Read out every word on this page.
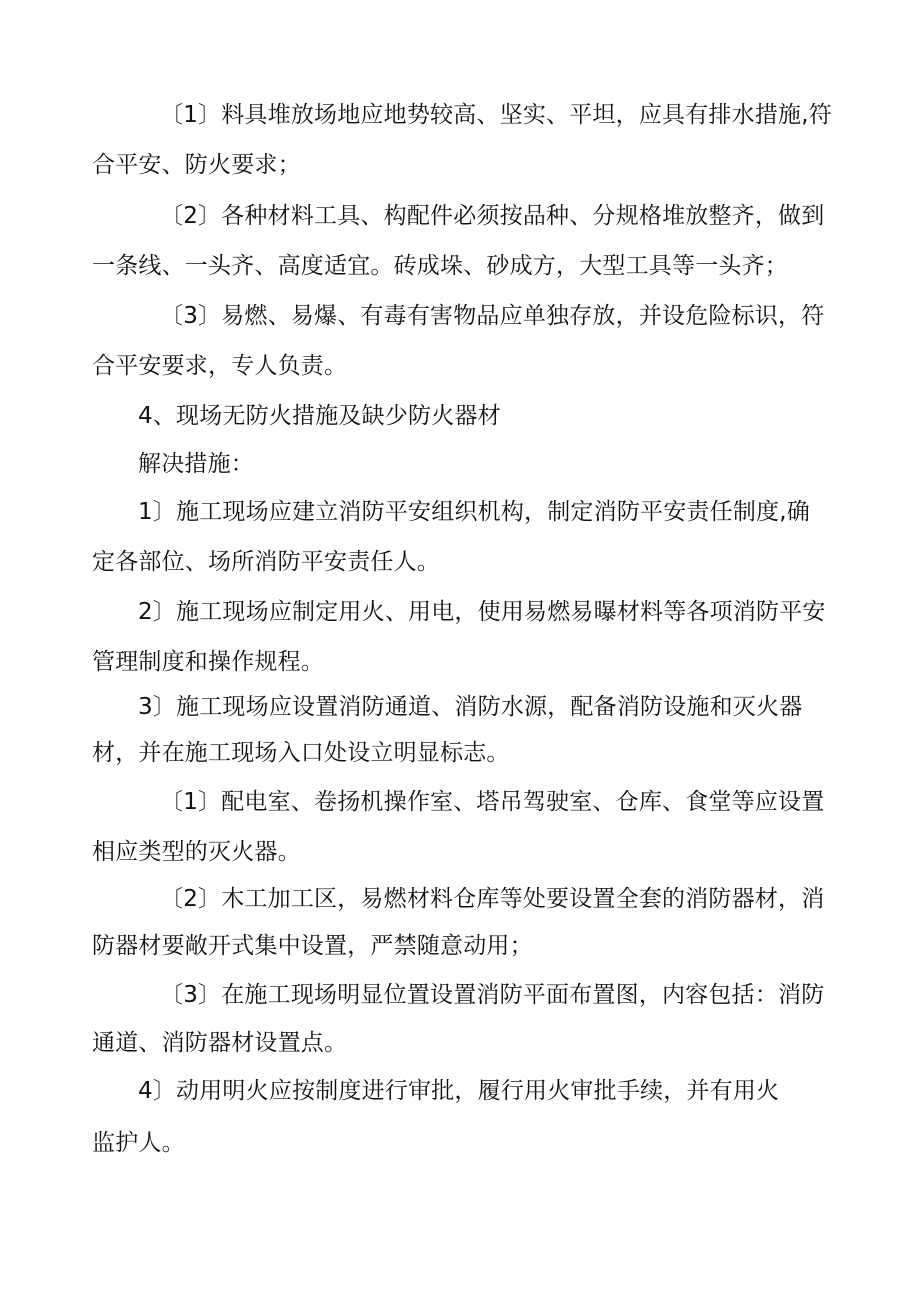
〔1〕料具堆放场地应地势较高、坚实、平坦，应具有排水措施,符
合平安、防火要求；
〔2〕各种材料工具、构配件必须按品种、分规格堆放整齐，做到
一条线、一头齐、高度适宜。砖成垛、砂成方，大型工具等一头齐；
〔3〕易燃、易爆、有毒有害物品应单独存放，并设危险标识，符
合平安要求，专人负责。
4、现场无防火措施及缺少防火器材
解决措施：
1〕施工现场应建立消防平安组织机构，制定消防平安责任制度,确
定各部位、场所消防平安责任人。
2〕施工现场应制定用火、用电，使用易燃易曝材料等各项消防平安
管理制度和操作规程。
3〕施工现场应设置消防通道、消防水源，配备消防设施和灭火器
材，并在施工现场入口处设立明显标志。
〔1〕配电室、卷扬机操作室、塔吊驾驶室、仓库、食堂等应设置
相应类型的灭火器。
〔2〕木工加工区，易燃材料仓库等处要设置全套的消防器材，消
防器材要敞开式集中设置，严禁随意动用；
〔3〕在施工现场明显位置设置消防平面布置图，内容包括：消防
通道、消防器材设置点。
4〕动用明火应按制度进行审批，履行用火审批手续，并有用火
监护人。
